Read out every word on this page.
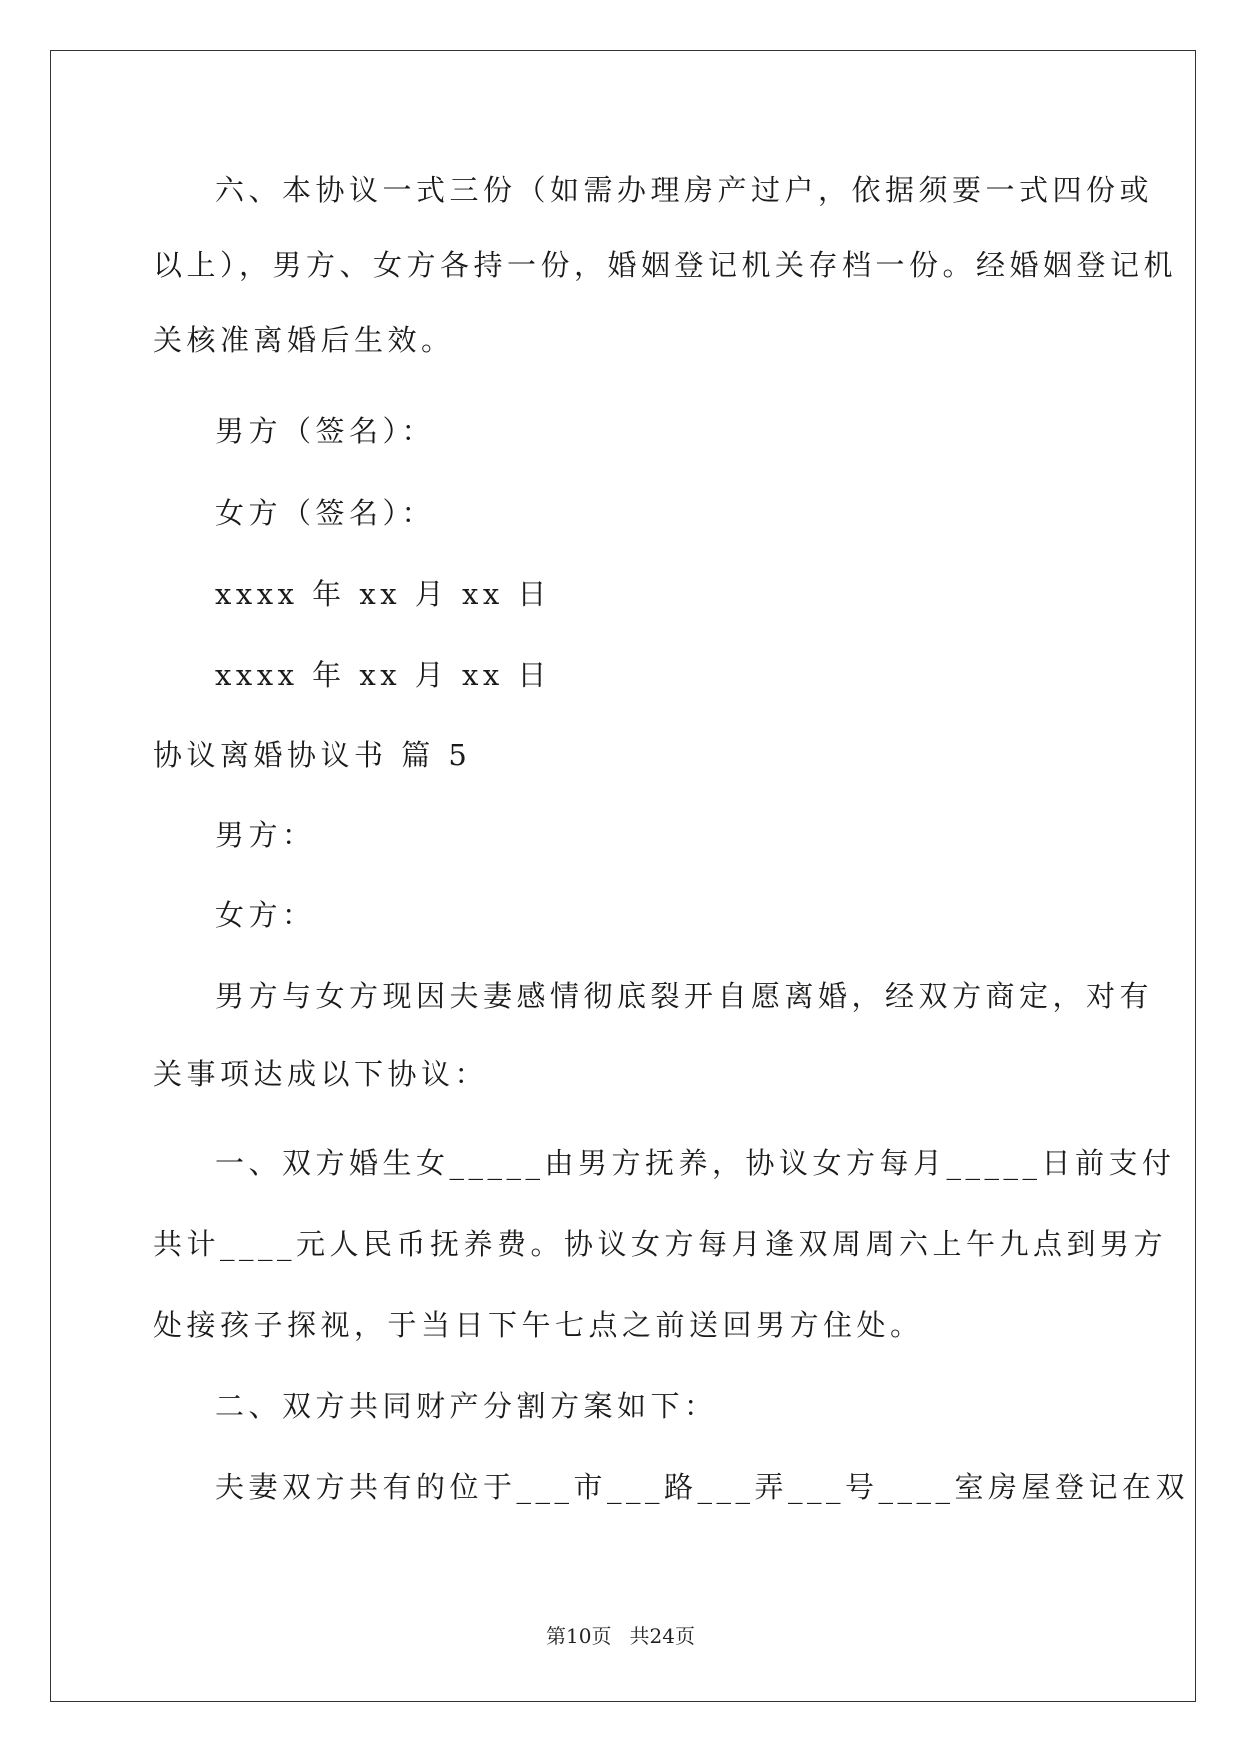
六、本协议一式三份（如需办理房产过户，依据须要一式四份或
以上），男方、女方各持一份，婚姻登记机关存档一份。经婚姻登记机
关核准离婚后生效。
男方（签名）：
女方（签名）：
xxxx 年 xx 月 xx 日
xxxx 年 xx 月 xx 日
协议离婚协议书 篇 5
男方：
女方：
男方与女方现因夫妻感情彻底裂开自愿离婚，经双方商定，对有
关事项达成以下协议：
一、双方婚生女_____由男方抚养，协议女方每月_____日前支付
共计____元人民币抚养费。协议女方每月逢双周周六上午九点到男方
处接孩子探视，于当日下午七点之前送回男方住处。
二、双方共同财产分割方案如下：
夫妻双方共有的位于___市___路___弄___号____室房屋登记在双
第10页 共24页
